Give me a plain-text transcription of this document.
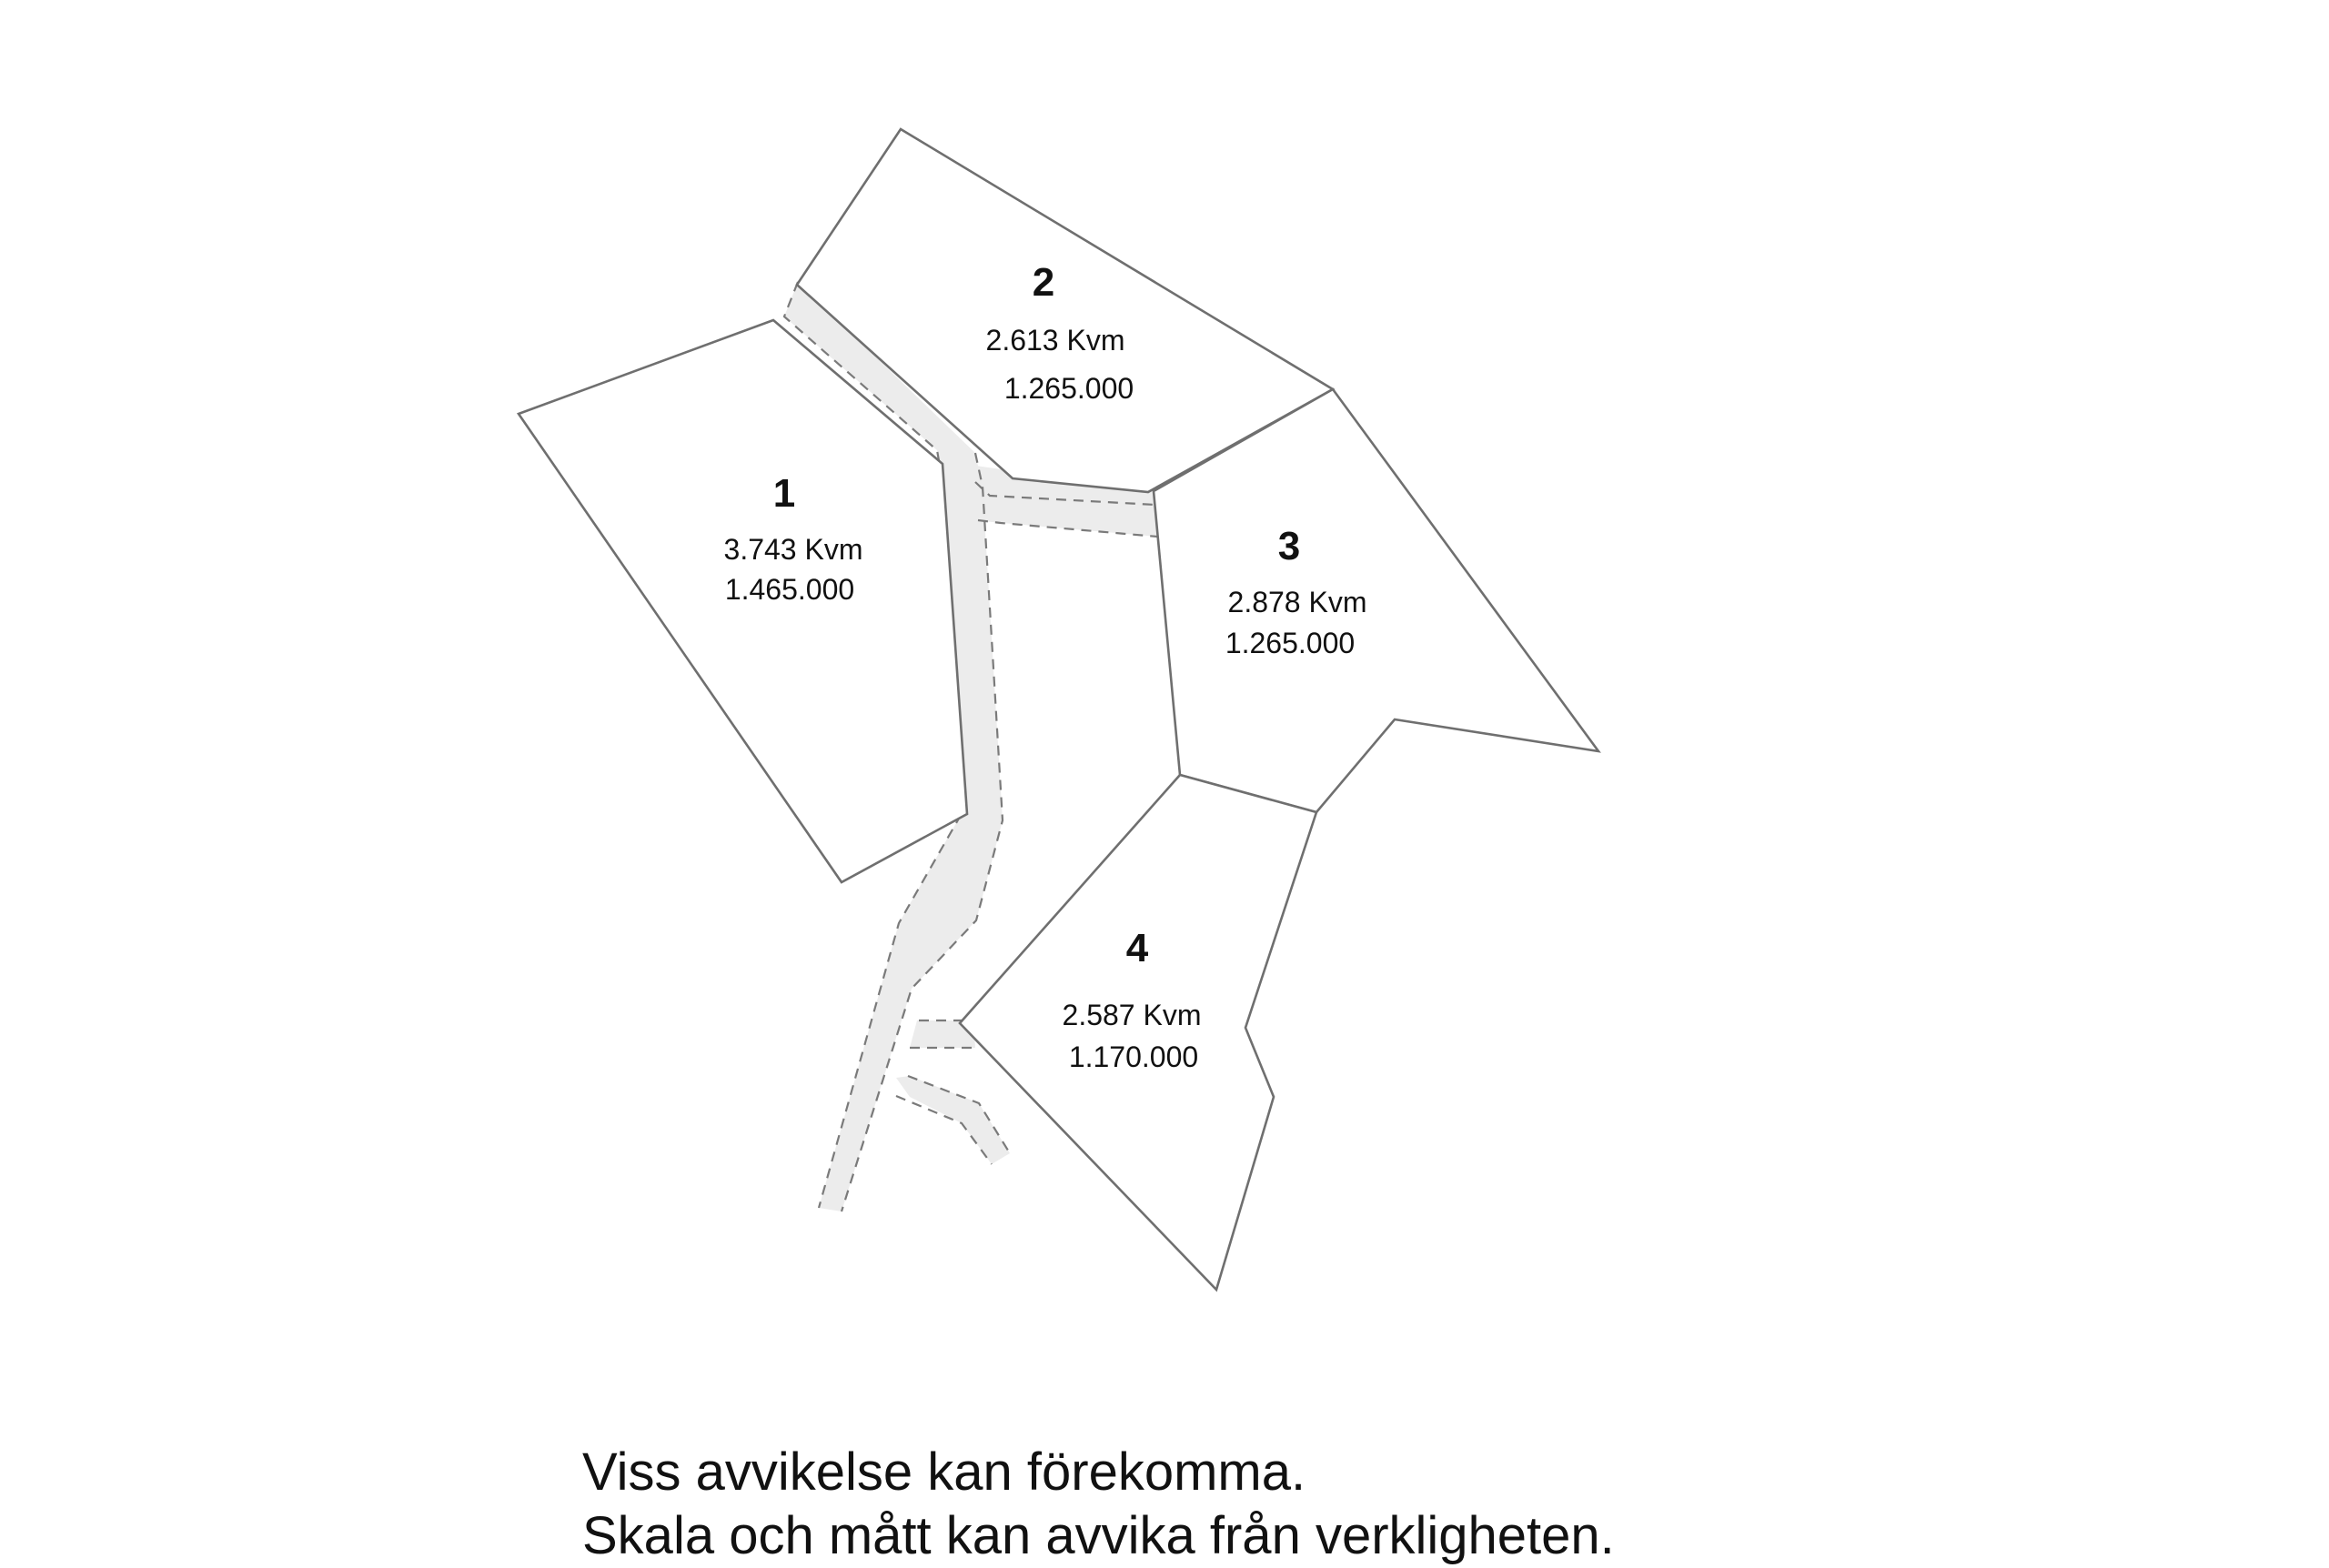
1
3.743 Kvm
1.465.000
2
2.613 Kvm
1.265.000
3
2.878 Kvm
1.265.000
4
2.587 Kvm
1.170.000
Viss avvikelse kan förekomma.
Skala och mått kan avvika från verkligheten.
